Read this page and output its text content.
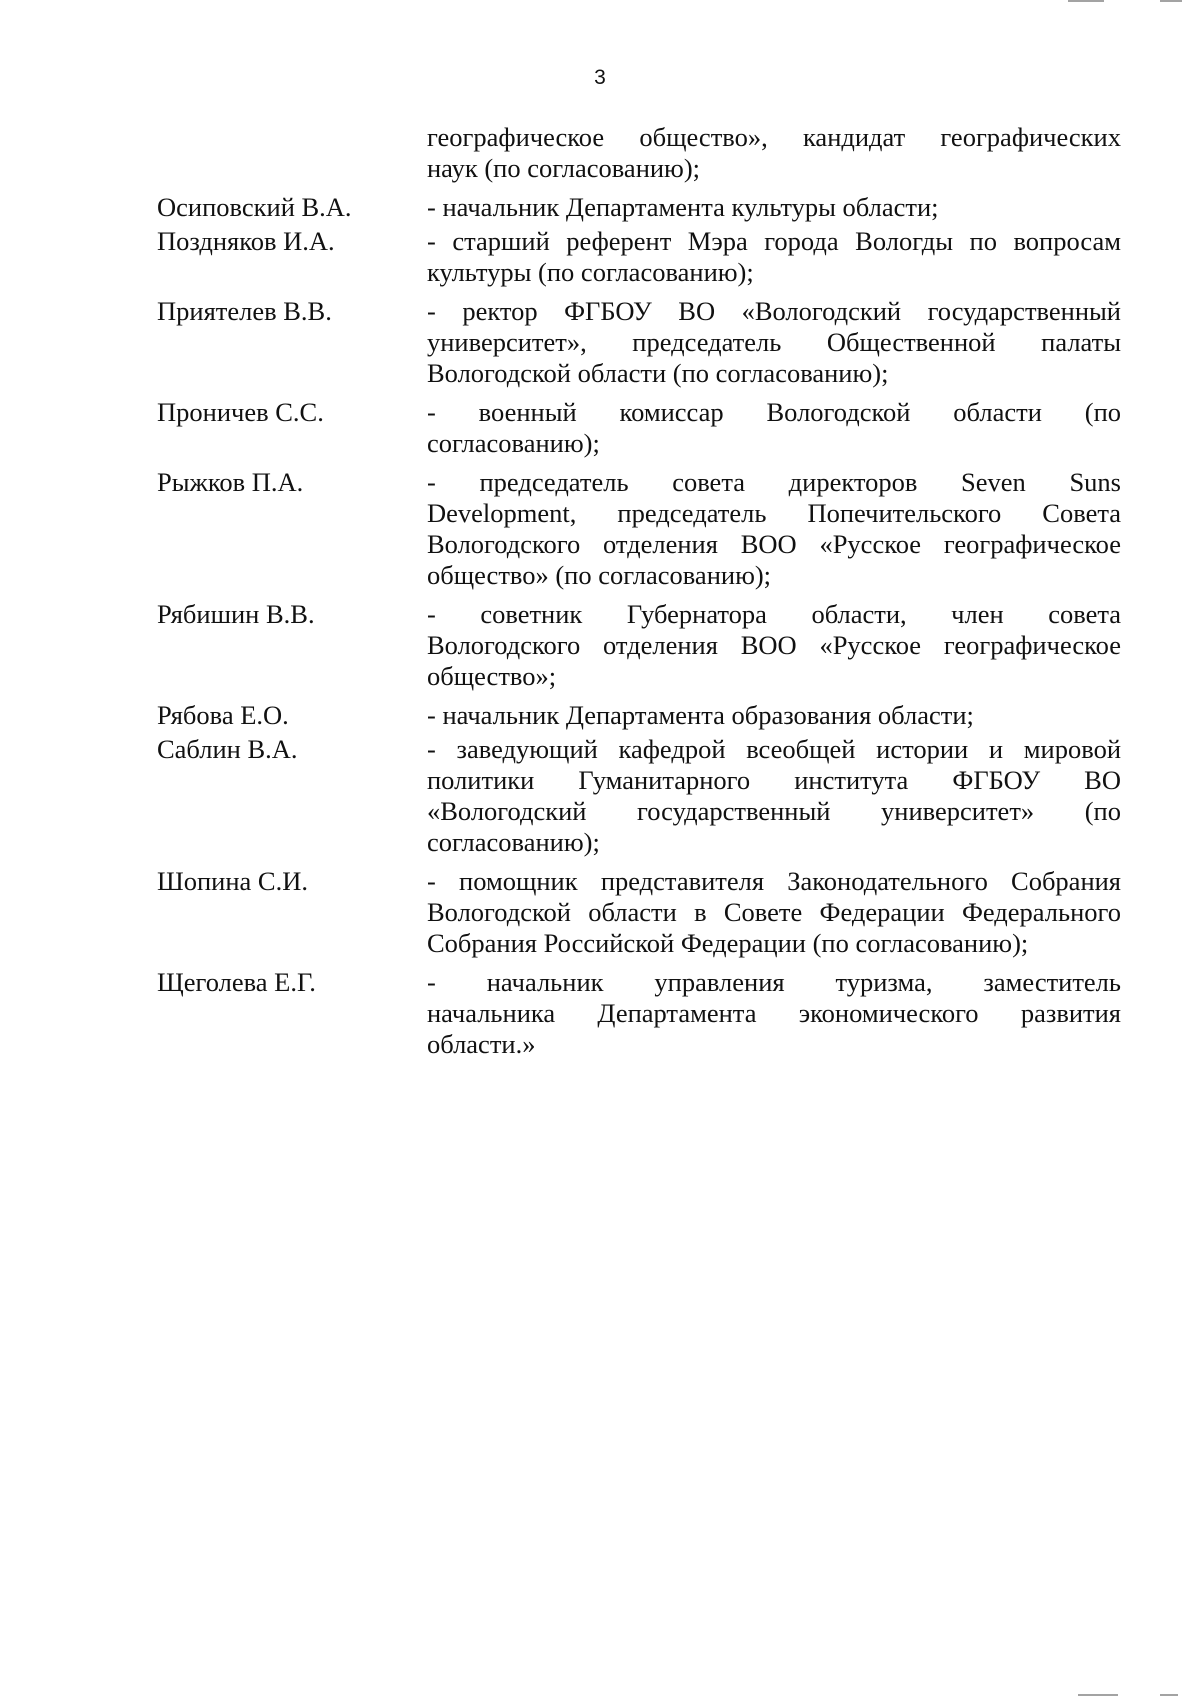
3
географическое общество», кандидат географических
наук (по согласованию);
Осиповский В.А.	- начальник Департамента культуры области;
Поздняков И.А.	- старший референт Мэра города Вологды по вопросам
культуры (по согласованию);
Приятелев В.В.	- ректор ФГБОУ ВО «Вологодский государственный
университет», председатель Общественной палаты
Вологодской области (по согласованию);
Проничев С.С.	- военный комиссар Вологодской области (по
согласованию);
Рыжков П.А.	- председатель совета директоров Seven Suns
Development, председатель Попечительского Совета
Вологодского отделения ВОО «Русское географическое
общество» (по согласованию);
Рябишин В.В.	- советник Губернатора области, член совета
Вологодского отделения ВОО «Русское географическое
общество»;
Рябова Е.О.	- начальник Департамента образования области;
Саблин В.А.	- заведующий кафедрой всеобщей истории и мировой
политики Гуманитарного института ФГБОУ ВО
«Вологодский государственный университет» (по
согласованию);
Шопина С.И.	- помощник представителя Законодательного Собрания
Вологодской области в Совете Федерации Федерального
Собрания Российской Федерации (по согласованию);
Щеголева Е.Г.	- начальник управления туризма, заместитель
начальника Департамента экономического развития
области.»
